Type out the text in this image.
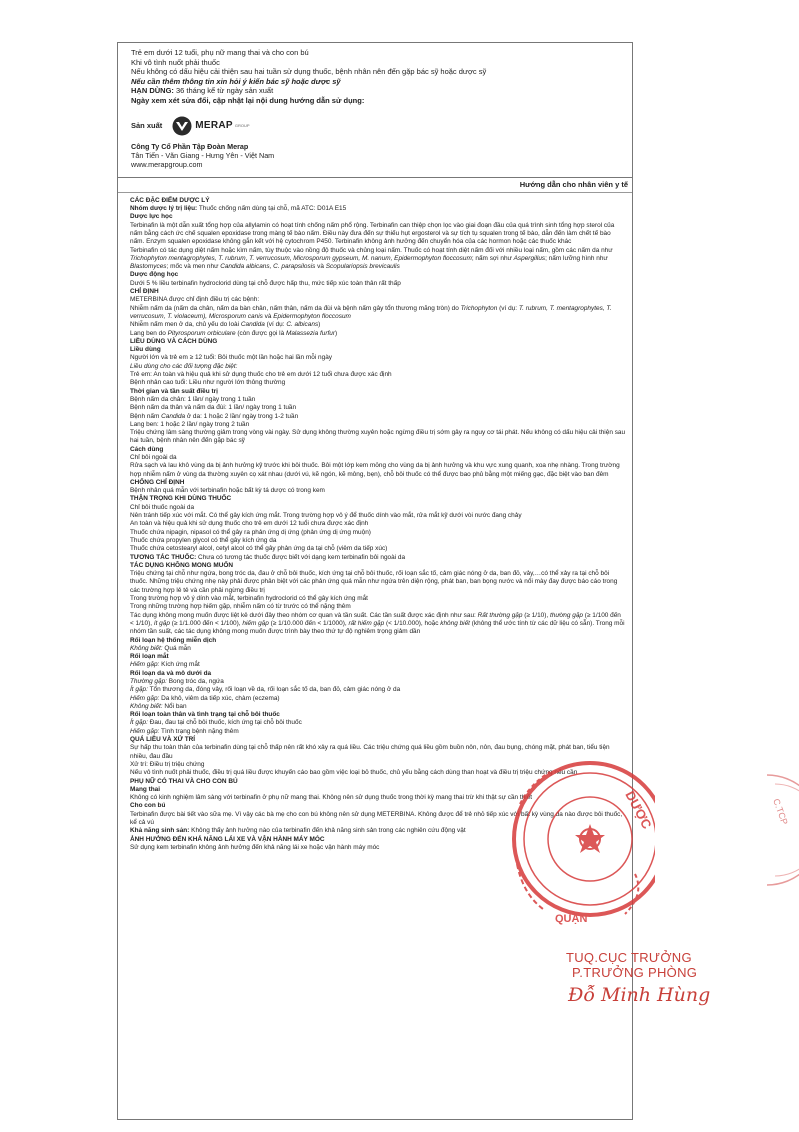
Trẻ em dưới 12 tuổi, phụ nữ mang thai và cho con bú
Khi vô tình nuốt phải thuốc
Nếu không có dấu hiệu cải thiện sau hai tuần sử dụng thuốc, bệnh nhân nên đến gặp bác sỹ hoặc dược sỹ
Nếu cần thêm thông tin xin hỏi ý kiến bác sỹ hoặc dược sỹ
HẠN DÙNG: 36 tháng kể từ ngày sản xuất
Ngày xem xét sửa đổi, cập nhật lại nội dung hướng dẫn sử dụng:
Sản xuất	MERAP GROUP
Công Ty Cổ Phần Tập Đoàn Merap
Tân Tiến - Văn Giang - Hưng Yên - Việt Nam
www.merapgroup.com
Hướng dẫn cho nhân viên y tế
CÁC ĐẶC ĐIỂM DƯỢC LÝ
Nhóm dược lý trị liệu: Thuốc chống nấm dùng tại chỗ, mã ATC: D01A E15
Dược lực học
Terbinafin là một dẫn xuất tổng hợp của allylamin có hoạt tính chống nấm phổ rộng. Terbinafin can thiệp chọn lọc vào giai đoạn đầu của quá trình sinh tổng hợp sterol của nấm bằng cách ức chế squalen epoxidase trong màng tế bào nấm. Điều này đưa đến sự thiếu hụt ergosterol và sự tích tụ squalen trong tế bào, dẫn đến làm chết tế bào nấm. Enzym squalen epoxidase không gắn kết với hệ cytochrom P450. Terbinafin không ảnh hưởng đến chuyển hóa của các hormon hoặc các thuốc khác
Terbinafin có tác dụng diệt nấm hoặc kìm nấm, tùy thuộc vào nồng độ thuốc và chủng loại nấm. Thuốc có hoạt tính diệt nấm đối với nhiều loại nấm, gồm các nấm da như Trichophyton mentagrophytes, T. rubrum, T. verrucosum, Microsporum gypseum, M. nanum, Epidermophyton floccosum; nấm sợi như Aspergillus; nấm lưỡng hình như Blastomyces; mốc và men như Candida albicans, C. parapsilosis và Scopulariopsis brevicaulis
Dược động học
Dưới 5 % liều terbinafin hydroclorid dùng tại chỗ được hấp thu, mức tiếp xúc toàn thân rất thấp
CHỈ ĐỊNH
METERBINA được chỉ định điều trị các bệnh:
Nhiễm nấm da (nấm da chân, nấm da bàn chân, nấm thân, nấm da đùi và bệnh nấm gây tổn thương măng tròn) do Trichophyton (ví dụ: T. rubrum, T. mentagrophytes, T. verrucosum, T. violaceum), Microsporum canis và Epidermophyton floccosum
Nhiễm nấm men ở da, chủ yếu do loài Candida (ví dụ: C. albicans)
Lang ben do Pityrosporum orbiculare (còn được gọi là Malassezia furfur)
LIỀU DÙNG VÀ CÁCH DÙNG
Liều dùng
Người lớn và trẻ em ≥ 12 tuổi: Bôi thuốc một lần hoặc hai lần mỗi ngày
Liều dùng cho các đối tượng đặc biệt:
Trẻ em: An toàn và hiệu quả khi sử dụng thuốc cho trẻ em dưới 12 tuổi chưa được xác định
Bệnh nhân cao tuổi: Liều như người lớn thông thường
Thời gian và tần suất điều trị
Bệnh nấm da chân: 1 lần/ ngày trong 1 tuần
Bệnh nấm da thân và nấm da đùi: 1 lần/ ngày trong 1 tuần
Bệnh nấm Candida ở da: 1 hoặc 2 lần/ ngày trong 1-2 tuần
Lang ben: 1 hoặc 2 lần/ ngày trong 2 tuần
Triệu chứng lâm sàng thường giảm trong vòng vài ngày. Sử dụng không thường xuyên hoặc ngừng điều trị sớm gây ra nguy cơ tái phát. Nếu không có dấu hiệu cải thiện sau hai tuần, bệnh nhân nên đến gặp bác sỹ
Cách dùng
Chỉ bôi ngoài da
Rửa sạch và lau khô vùng da bị ảnh hưởng kỹ trước khi bôi thuốc. Bôi một lớp kem mỏng cho vùng da bị ảnh hưởng và khu vực xung quanh, xoa nhẹ nhàng. Trong trường hợp nhiễm nấm ở vùng da thường xuyên cọ xát nhau (dưới vú, kẽ ngón, kẽ mông, bẹn), chỗ bôi thuốc có thể được bao phủ bằng một miếng gạc, đặc biệt vào ban đêm
CHỐNG CHỈ ĐỊNH
Bệnh nhân quá mẫn với terbinafin hoặc bất kỳ tá dược có trong kem
THẬN TRỌNG KHI DÙNG THUỐC
Chỉ bôi thuốc ngoài da
Nên tránh tiếp xúc với mắt. Có thể gây kích ứng mắt. Trong trường hợp vô ý để thuốc dính vào mắt, rửa mắt kỹ dưới vòi nước đang chảy
An toàn và hiệu quả khi sử dụng thuốc cho trẻ em dưới 12 tuổi chưa được xác định
Thuốc chứa nipagin, nipasol có thể gây ra phản ứng dị ứng (phản ứng dị ứng muộn)
Thuốc chứa propylen glycol có thể gây kích ứng da
Thuốc chứa cetostearyl alcol, cetyl alcol có thể gây phản ứng da tại chỗ (viêm da tiếp xúc)
TƯƠNG TÁC THUỐC: Chưa có tương tác thuốc được biết với dạng kem terbinafin bôi ngoài da
TÁC DỤNG KHÔNG MONG MUỐN
Triệu chứng tại chỗ như ngứa, bong tróc da, đau ở chỗ bôi thuốc, kích ứng tại chỗ bôi thuốc, rối loạn sắc tố, cảm giác nóng ở da, ban đỏ, vảy,…có thể xảy ra tại chỗ bôi thuốc. Những triệu chứng nhẹ này phải được phân biệt với các phản ứng quá mẫn như ngứa trên diện rộng, phát ban, ban bọng nước và nổi mày đay được báo cáo trong các trường hợp lẻ tẻ và cần phải ngừng điều trị
Trong trường hợp vô ý dính vào mắt, terbinafin hydroclorid có thể gây kích ứng mắt
Trong những trường hợp hiếm gặp, nhiễm nấm có từ trước có thể nặng thêm
Tác dụng không mong muốn được liệt kê dưới đây theo nhóm cơ quan và tần suất. Các tần suất được xác định như sau: Rất thường gặp (≥ 1/10), thường gặp (≥ 1/100 đến < 1/10), ít gặp (≥ 1/1.000 đến < 1/100), hiếm gặp (≥ 1/10.000 đến < 1/1000), rất hiếm gặp (< 1/10.000), hoặc không biết (không thể ước tính từ các dữ liệu có sẵn). Trong mỗi nhóm tần suất, các tác dụng không mong muốn được trình bày theo thứ tự độ nghiêm trọng giảm dần
Rối loạn hệ thống miễn dịch
Không biết: Quá mẫn
Rối loạn mắt
Hiếm gặp: Kích ứng mắt
Rối loạn da và mô dưới da
Thường gặp: Bong tróc da, ngứa
Ít gặp: Tổn thương da, đóng vảy, rối loạn về da, rối loạn sắc tố da, ban đỏ, cảm giác nóng ở da
Hiếm gặp: Da khô, viêm da tiếp xúc, chàm (eczema)
Không biết: Nổi ban
Rối loạn toàn thân và tình trạng tại chỗ bôi thuốc
Ít gặp: Đau, đau tại chỗ bôi thuốc, kích ứng tại chỗ bôi thuốc
Hiếm gặp: Tình trạng bệnh nặng thêm
QUÁ LIỀU VÀ XỬ TRÍ
Sự hấp thu toàn thân của terbinafin dùng tại chỗ thấp nên rất khó xảy ra quá liều. Các triệu chứng quá liều gồm buồn nôn, nôn, đau bụng, chóng mặt, phát ban, tiểu tiện nhiều, đau đầu
Xử trí: Điều trị triệu chứng
Nếu vô tình nuốt phải thuốc, điều trị quá liều được khuyến cáo bao gồm việc loại bỏ thuốc, chủ yếu bằng cách dùng than hoạt và điều trị triệu chứng nếu cần
PHỤ NỮ CÓ THAI VÀ CHO CON BÚ
Mang thai
Không có kinh nghiệm lâm sàng với terbinafin ở phụ nữ mang thai. Không nên sử dụng thuốc trong thời kỳ mang thai trừ khi thật sự cần thiết
Cho con bú
Terbinafin được bài tiết vào sữa mẹ. Vì vậy các bà mẹ cho con bú không nên sử dụng METERBINA. Không được để trẻ nhỏ tiếp xúc với bất kỳ vùng da nào được bôi thuốc, kể cả vú
Khả năng sinh sản: Không thấy ảnh hưởng nào của terbinafin đến khả năng sinh sản trong các nghiên cứu động vật
ẢNH HƯỞNG ĐẾN KHẢ NĂNG LÁI XE VÀ VẬN HÀNH MÁY MÓC
Sử dụng kem terbinafin không ảnh hưởng đến khả năng lái xe hoặc vận hành máy móc
C.TCP
DƯỢC
QUẬN
TUQ.CỤC TRƯỞNG
P.TRƯỞNG PHÒNG
Đỗ Minh Hùng
